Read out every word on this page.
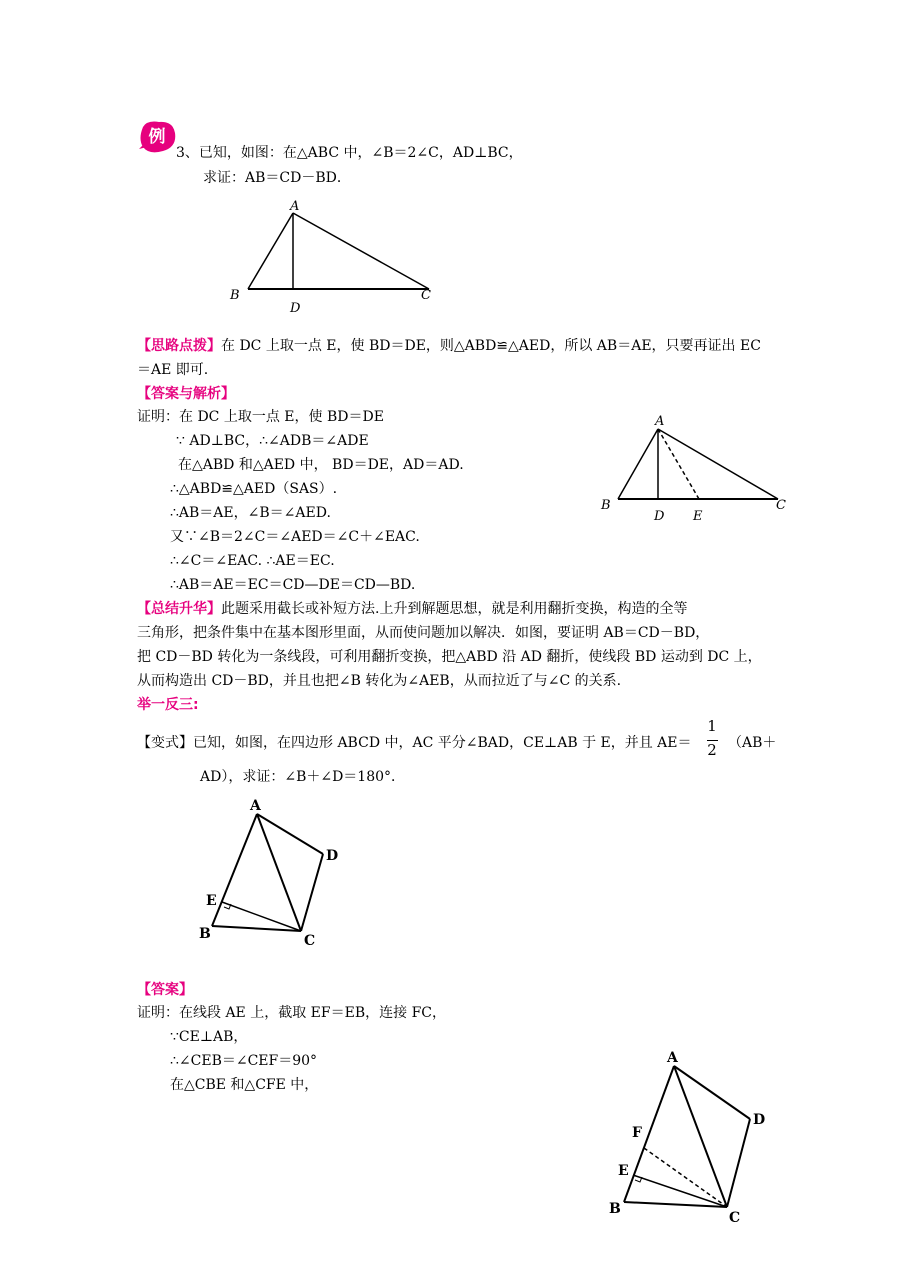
例
3、已知，如图：在△ABC 中，∠B＝2∠C，AD⊥BC，
求证：AB＝CD－BD．
A
B	C
D
【思路点拨】在 DC 上取一点 E，使 BD＝DE，则△ABD≌△AED，所以 AB＝AE，只要再证出 EC
＝AE 即可.
【答案与解析】
证明：在 DC 上取一点 E，使 BD＝DE
∵ AD⊥BC，∴∠ADB＝∠ADE
在△ABD 和△AED 中， BD＝DE，AD＝AD.
∴△ABD≌△AED（SAS）.
∴AB＝AE，∠B＝∠AED.
又∵∠B＝2∠C＝∠AED＝∠C＋∠EAC.
∴∠C＝∠EAC. ∴AE＝EC.
∴AB＝AE＝EC＝CD—DE＝CD—BD.
A
B	C
D E
【总结升华】此题采用截长或补短方法.上升到解题思想，就是利用翻折变换，构造的全等
三角形，把条件集中在基本图形里面，从而使问题加以解决．如图，要证明 AB＝CD－BD，
把 CD－BD 转化为一条线段，可利用翻折变换，把△ABD 沿 AD 翻折，使线段 BD 运动到 DC 上，
从而构造出 CD－BD，并且也把∠B 转化为∠AEB，从而拉近了与∠C 的关系.
举一反三:
【变式】已知，如图，在四边形 ABCD 中，AC 平分∠BAD，CE⊥AB 于 E，并且 AE＝
1
2 （AB＋
AD），求证：∠B＋∠D＝180°．
A
B	C
D
E
【答案】
证明：在线段 AE 上，截取 EF＝EB，连接 FC，
∵CE⊥AB，
∴∠CEB＝∠CEF＝90°
在△CBE 和△CFE 中，
A
B
C
D
E
F
